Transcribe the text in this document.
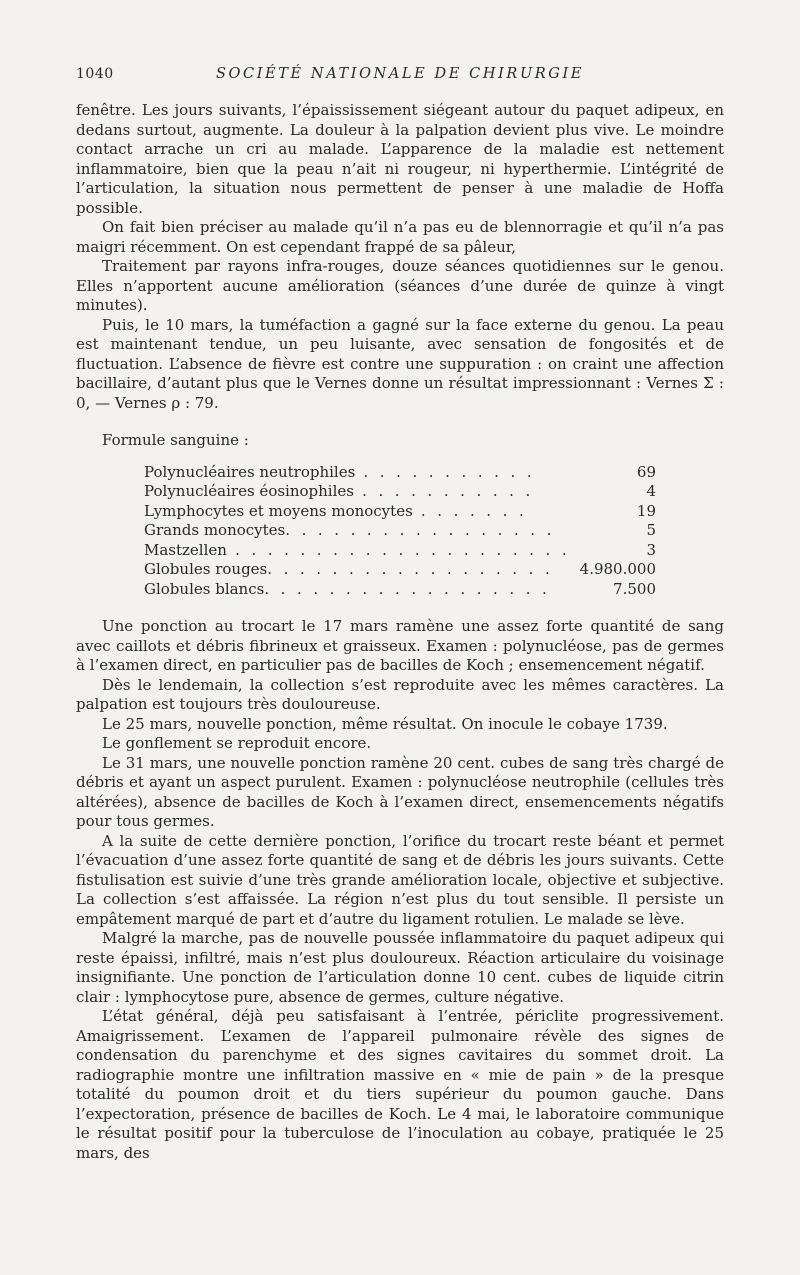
1040	SOCIÉTÉ NATIONALE DE CHIRURGIE

fenêtre. Les jours suivants, l’épaississement siégeant autour du paquet adipeux, en dedans surtout, augmente. La douleur à la palpation devient plus vive. Le moindre contact arrache un cri au malade. L’apparence de la maladie est nettement inflammatoire, bien que la peau n’ait ni rougeur, ni hyperthermie. L’intégrité de l’articulation, la situation nous permettent de penser à une maladie de Hoffa possible.

On fait bien préciser au malade qu’il n’a pas eu de blennorragie et qu’il n’a pas maigri récemment. On est cependant frappé de sa pâleur,

Traitement par rayons infra-rouges, douze séances quotidiennes sur le genou. Elles n’apportent aucune amélioration (séances d’une durée de quinze à vingt minutes).

Puis, le 10 mars, la tuméfaction a gagné sur la face externe du genou. La peau est maintenant tendue, un peu luisante, avec sensation de fongosités et de fluctuation. L’absence de fièvre est contre une suppuration : on craint une affection bacillaire, d’autant plus que le Vernes donne un résultat impressionnant : Vernes Σ : 0, — Vernes ρ : 79.

Formule sanguine :
Polynucléaires neutrophiles . . . . . . . . . . .	69
Polynucléaires éosinophiles . . . . . . . . . . .	4
Lymphocytes et moyens monocytes . . . . . . .	19
Grands monocytes. . . . . . . . . . . . . . . . .	5
Mastzellen . . . . . . . . . . . . . . . . . . . . .	3
Globules rouges. . . . . . . . . . . . . . . . . .	4.980.000
Globules blancs. . . . . . . . . . . . . . . . . .	7.500

Une ponction au trocart le 17 mars ramène une assez forte quantité de sang avec caillots et débris fibrineux et graisseux. Examen : polynucléose, pas de germes à l’examen direct, en particulier pas de bacilles de Koch ; ensemencement négatif.

Dès le lendemain, la collection s’est reproduite avec les mêmes caractères. La palpation est toujours très douloureuse.

Le 25 mars, nouvelle ponction, même résultat. On inocule le cobaye 1739.

Le gonflement se reproduit encore.

Le 31 mars, une nouvelle ponction ramène 20 cent. cubes de sang très chargé de débris et ayant un aspect purulent. Examen : polynucléose neutrophile (cellules très altérées), absence de bacilles de Koch à l’examen direct, ensemencements négatifs pour tous germes.

A la suite de cette dernière ponction, l’orifice du trocart reste béant et permet l’évacuation d’une assez forte quantité de sang et de débris les jours suivants. Cette fistulisation est suivie d’une très grande amélioration locale, objective et subjective. La collection s’est affaissée. La région n’est plus du tout sensible. Il persiste un empâtement marqué de part et d’autre du ligament rotulien. Le malade se lève.

Malgré la marche, pas de nouvelle poussée inflammatoire du paquet adipeux qui reste épaissi, infiltré, mais n’est plus douloureux. Réaction articulaire du voisinage insignifiante. Une ponction de l’articulation donne 10 cent. cubes de liquide citrin clair : lymphocytose pure, absence de germes, culture négative.

L’état général, déjà peu satisfaisant à l’entrée, périclite progressivement. Amaigrissement. L’examen de l’appareil pulmonaire révèle des signes de condensation du parenchyme et des signes cavitaires du sommet droit. La radiographie montre une infiltration massive en « mie de pain » de la presque totalité du poumon droit et du tiers supérieur du poumon gauche. Dans l’expectoration, présence de bacilles de Koch. Le 4 mai, le laboratoire communique le résultat positif pour la tuberculose de l’inoculation au cobaye, pratiquée le 25 mars, des
